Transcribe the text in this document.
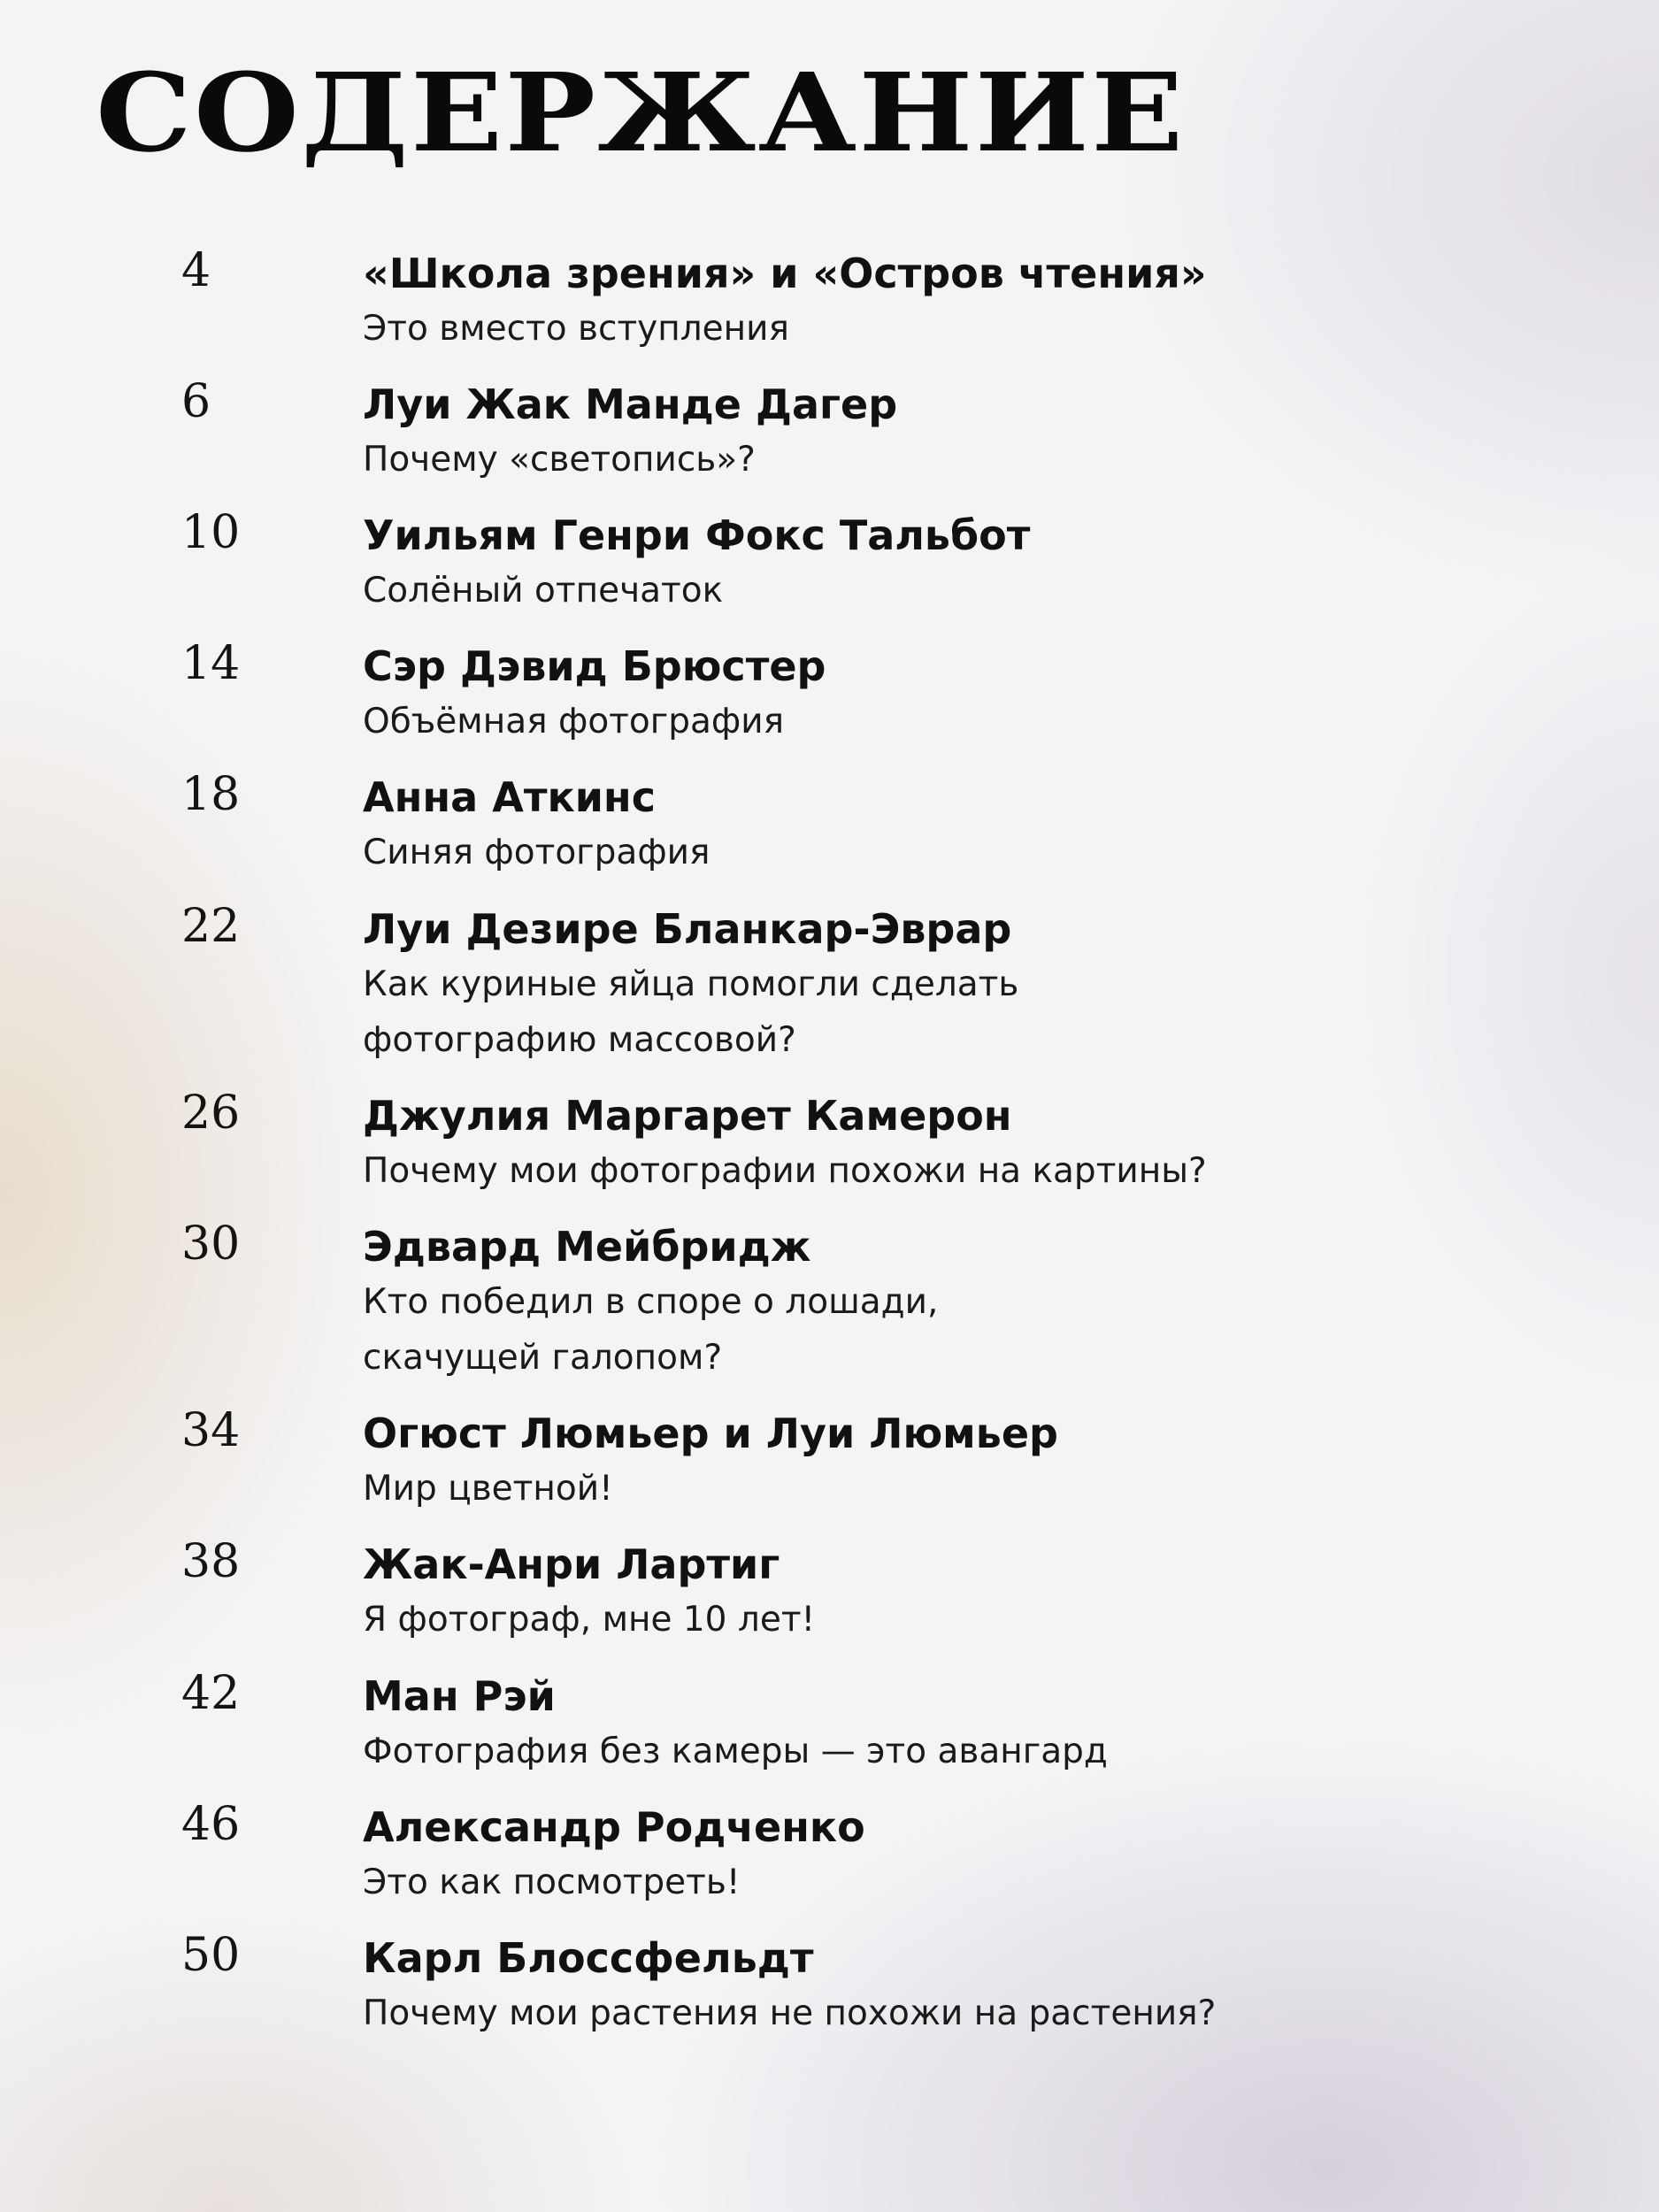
СОДЕРЖАНИЕ
4	«Школа зрения» и «Остров чтения»
Это вместо вступления
6	Луи Жак Манде Дагер
Почему «светопись»?
10	Уильям Генри Фокс Тальбот
Солёный отпечаток
14	Сэр Дэвид Брюстер
Объёмная фотография
18	Анна Аткинс
Синяя фотография
22	Луи Дезире Бланкар-Эврар
Как куриные яйца помогли сделать
фотографию массовой?
26	Джулия Маргарет Камерон
Почему мои фотографии похожи на картины?
30	Эдвард Мейбридж
Кто победил в споре о лошади,
скачущей галопом?
34	Огюст Люмьер и Луи Люмьер
Мир цветной!
38	Жак-Анри Лартиг
Я фотограф, мне 10 лет!
42	Ман Рэй
Фотография без камеры — это авангард
46	Александр Родченко
Это как посмотреть!
50	Карл Блоссфельдт
Почему мои растения не похожи на растения?
